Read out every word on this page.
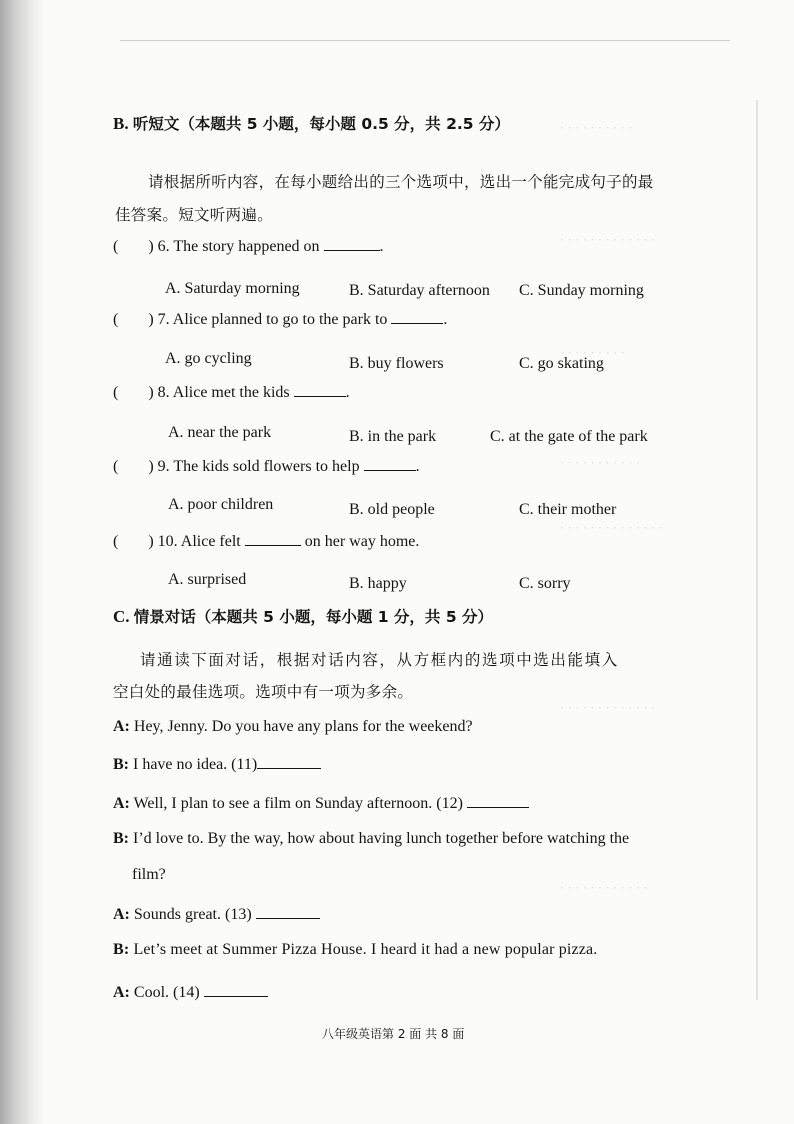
· · · · · · · · · ·
· · · · · · · · · · · · ·
· · · · · · · · ·
· · · · · · · · · · ·
· · · · · · · · · · · · · ·
· · · · · · · · · · · · ·
· · · · · · · · · · · ·
B. 听短文（本题共 5 小题，每小题 0.5 分，共 2.5 分）
请根据所听内容，在每小题给出的三个选项中，选出一个能完成句子的最
佳答案。短文听两遍。
( ) 6. The story happened on	.
A. Saturday morning	B. Saturday afternoon C. Sunday morning
( ) 7. Alice planned to go to the park to	.
A. go cycling	B. buy flowers	C. go skating
( ) 8. Alice met the kids	.
A. near the park	B. in the park	C. at the gate of the park
( ) 9. The kids sold flowers to help	.
A. poor children	B. old people	C. their mother
( ) 10. Alice felt	on her way home.
A. surprised	B. happy	C. sorry
C. 情景对话（本题共 5 小题，每小题 1 分，共 5 分）
请通读下面对话，根据对话内容，从方框内的选项中选出能填入
空白处的最佳选项。选项中有一项为多余。
A: Hey, Jenny. Do you have any plans for the weekend?
B: I have no idea. (11)
A: Well, I plan to see a film on Sunday afternoon. (12)
B: I’d love to. By the way, how about having lunch together before watching the
film?
A: Sounds great. (13)
B: Let’s meet at Summer Pizza House. I heard it had a new popular pizza.
A: Cool. (14)
八年级英语第 2 面 共 8 面
